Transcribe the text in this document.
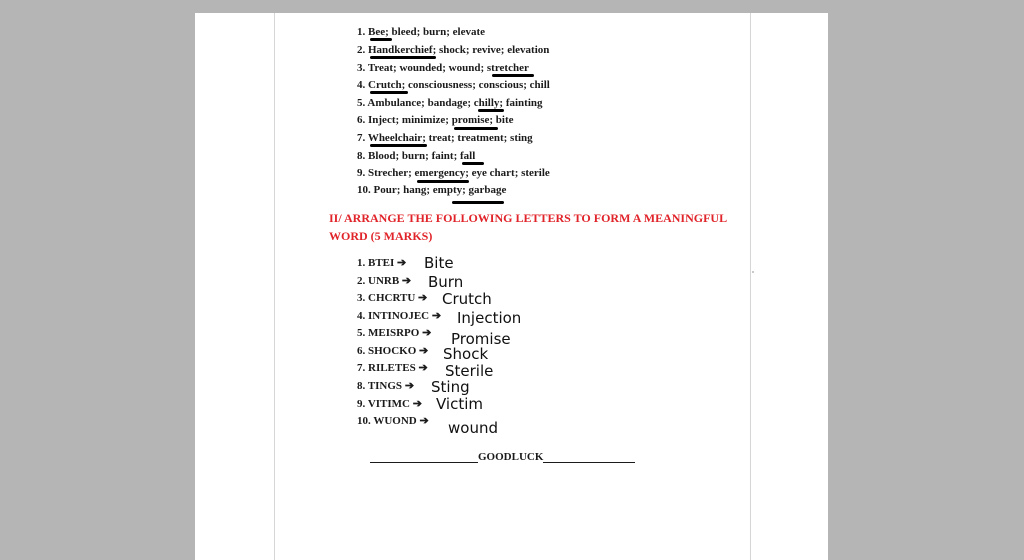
1. Bee; bleed; burn; elevate
2. Handkerchief; shock; revive; elevation
3. Treat; wounded; wound; stretcher
4. Crutch; consciousness; conscious; chill
5. Ambulance; bandage; chilly; fainting
6. Inject; minimize; promise; bite
7. Wheelchair; treat; treatment; sting
8. Blood; burn; faint; fall
9. Strecher; emergency; eye chart; sterile
10. Pour; hang; empty; garbage
II/ ARRANGE THE FOLLOWING LETTERS TO FORM A MEANINGFUL
WORD (5 MARKS)
1. BTEI ➔
2. UNRB ➔
3. CHCRTU ➔
4. INTINOJEC ➔
5. MEISRPO ➔
6. SHOCKO ➔
7. RILETES ➔
8. TINGS ➔
9. VITIMC ➔
10. WUOND ➔
Bite
Burn
Crutch
Injection
Promise
Shock
Sterile
Sting
Victim
wound
GOODLUCK
